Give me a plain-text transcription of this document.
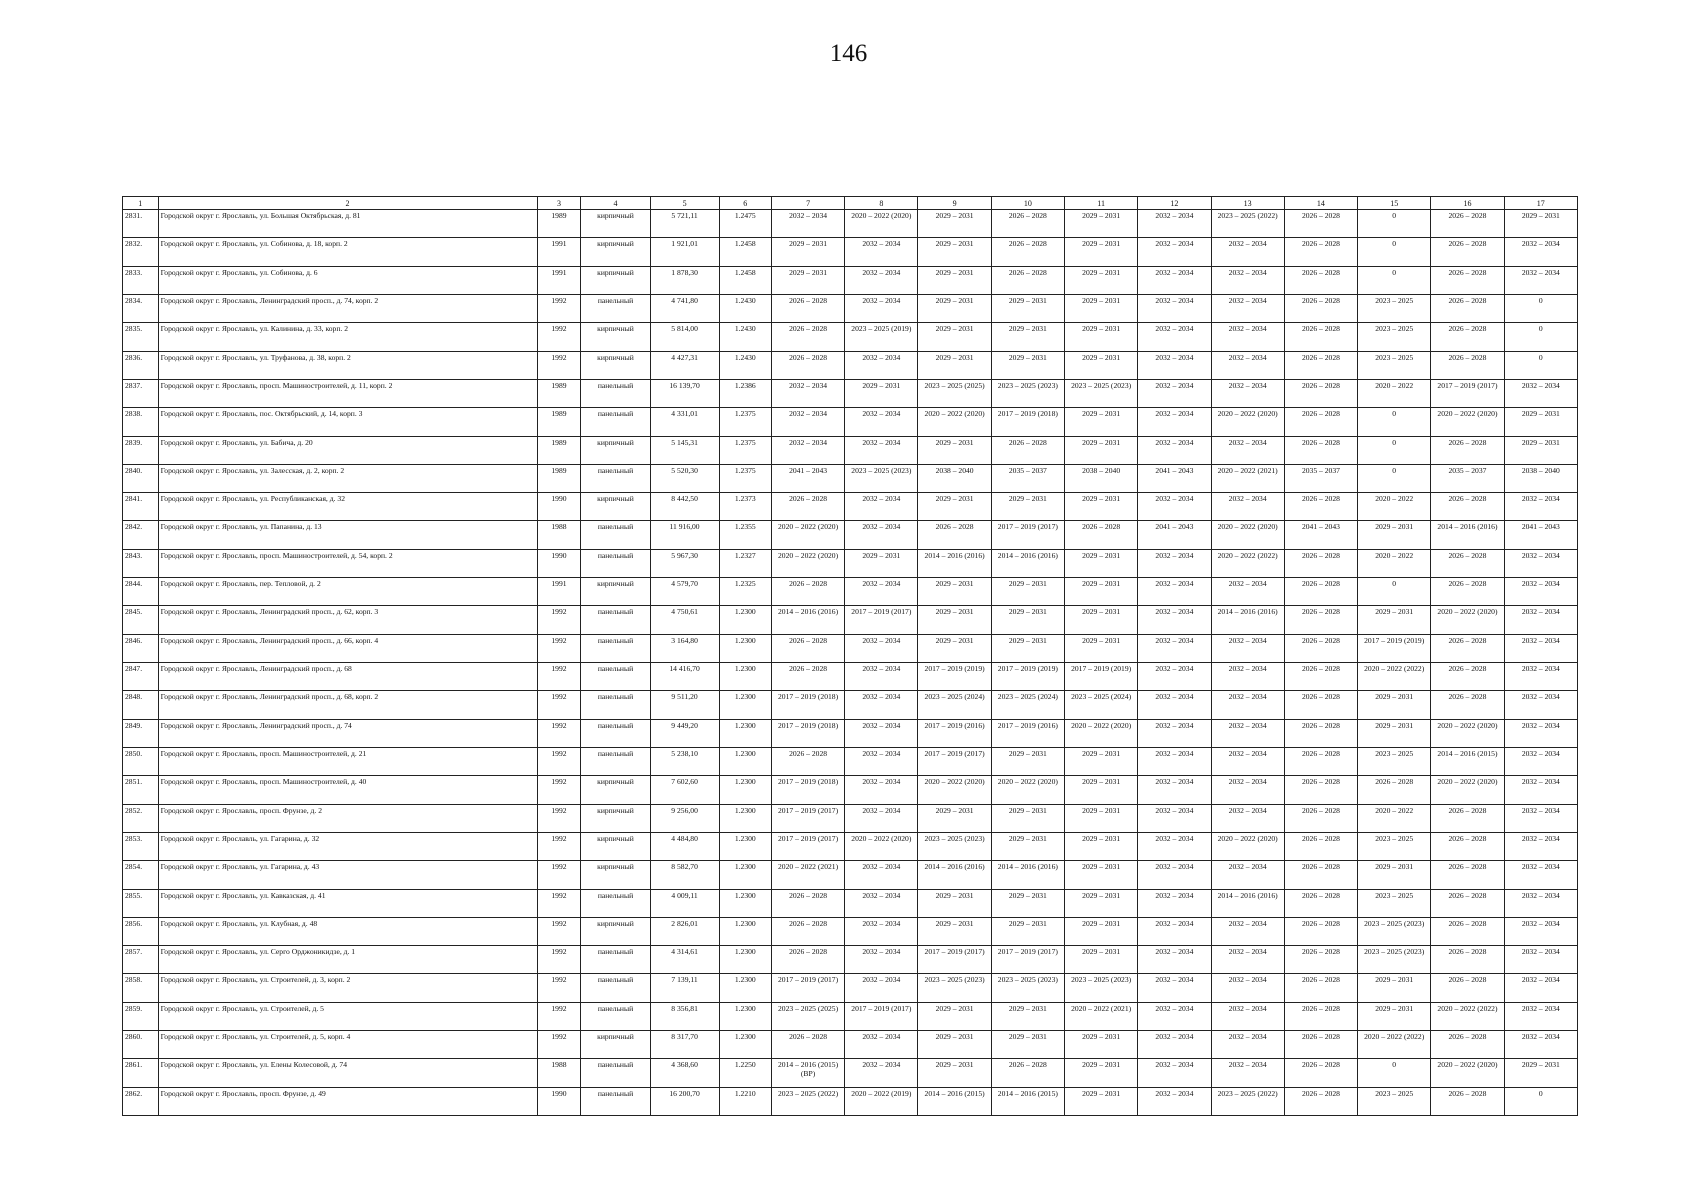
146
1	2	3	4	5	6	7	8	9	10	11	12	13	14	15	16	17
2831.	Городской округ г. Ярославль, ул. Большая Октябрьская, д. 81	1989	кирпичный	5 721,11	1.2475	2032 – 2034	2020 – 2022 (2020)	2029 – 2031	2026 – 2028	2029 – 2031	2032 – 2034	2023 – 2025 (2022)	2026 – 2028	0	2026 – 2028	2029 – 2031
2832.	Городской округ г. Ярославль, ул. Собинова, д. 18, корп. 2	1991	кирпичный	1 921,01	1.2458	2029 – 2031	2032 – 2034	2029 – 2031	2026 – 2028	2029 – 2031	2032 – 2034	2032 – 2034	2026 – 2028	0	2026 – 2028	2032 – 2034
2833.	Городской округ г. Ярославль, ул. Собинова, д. 6	1991	кирпичный	1 878,30	1.2458	2029 – 2031	2032 – 2034	2029 – 2031	2026 – 2028	2029 – 2031	2032 – 2034	2032 – 2034	2026 – 2028	0	2026 – 2028	2032 – 2034
2834.	Городской округ г. Ярославль, Ленинградский просп., д. 74, корп. 2	1992	панельный	4 741,80	1.2430	2026 – 2028	2032 – 2034	2029 – 2031	2029 – 2031	2029 – 2031	2032 – 2034	2032 – 2034	2026 – 2028	2023 – 2025	2026 – 2028	0
2835.	Городской округ г. Ярославль, ул. Калинина, д. 33, корп. 2	1992	кирпичный	5 814,00	1.2430	2026 – 2028	2023 – 2025 (2019)	2029 – 2031	2029 – 2031	2029 – 2031	2032 – 2034	2032 – 2034	2026 – 2028	2023 – 2025	2026 – 2028	0
2836.	Городской округ г. Ярославль, ул. Труфанова, д. 38, корп. 2	1992	кирпичный	4 427,31	1.2430	2026 – 2028	2032 – 2034	2029 – 2031	2029 – 2031	2029 – 2031	2032 – 2034	2032 – 2034	2026 – 2028	2023 – 2025	2026 – 2028	0
2837.	Городской округ г. Ярославль, просп. Машиностроителей, д. 11, корп. 2	1989	панельный	16 139,70	1.2386	2032 – 2034	2029 – 2031	2023 – 2025 (2025)	2023 – 2025 (2023)	2023 – 2025 (2023)	2032 – 2034	2032 – 2034	2026 – 2028	2020 – 2022	2017 – 2019 (2017)	2032 – 2034
2838.	Городской округ г. Ярославль, пос. Октябрьский, д. 14, корп. 3	1989	панельный	4 331,01	1.2375	2032 – 2034	2032 – 2034	2020 – 2022 (2020)	2017 – 2019 (2018)	2029 – 2031	2032 – 2034	2020 – 2022 (2020)	2026 – 2028	0	2020 – 2022 (2020)	2029 – 2031
2839.	Городской округ г. Ярославль, ул. Бабича, д. 20	1989	кирпичный	5 145,31	1.2375	2032 – 2034	2032 – 2034	2029 – 2031	2026 – 2028	2029 – 2031	2032 – 2034	2032 – 2034	2026 – 2028	0	2026 – 2028	2029 – 2031
2840.	Городской округ г. Ярославль, ул. Залесская, д. 2, корп. 2	1989	панельный	5 520,30	1.2375	2041 – 2043	2023 – 2025 (2023)	2038 – 2040	2035 – 2037	2038 – 2040	2041 – 2043	2020 – 2022 (2021)	2035 – 2037	0	2035 – 2037	2038 – 2040
2841.	Городской округ г. Ярославль, ул. Республиканская, д. 32	1990	кирпичный	8 442,50	1.2373	2026 – 2028	2032 – 2034	2029 – 2031	2029 – 2031	2029 – 2031	2032 – 2034	2032 – 2034	2026 – 2028	2020 – 2022	2026 – 2028	2032 – 2034
2842.	Городской округ г. Ярославль, ул. Папанина, д. 13	1988	панельный	11 916,00	1.2355	2020 – 2022 (2020)	2032 – 2034	2026 – 2028	2017 – 2019 (2017)	2026 – 2028	2041 – 2043	2020 – 2022 (2020)	2041 – 2043	2029 – 2031	2014 – 2016 (2016)	2041 – 2043
2843.	Городской округ г. Ярославль, просп. Машиностроителей, д. 54, корп. 2	1990	панельный	5 967,30	1.2327	2020 – 2022 (2020)	2029 – 2031	2014 – 2016 (2016)	2014 – 2016 (2016)	2029 – 2031	2032 – 2034	2020 – 2022 (2022)	2026 – 2028	2020 – 2022	2026 – 2028	2032 – 2034
2844.	Городской округ г. Ярославль, пер. Тепловой, д. 2	1991	кирпичный	4 579,70	1.2325	2026 – 2028	2032 – 2034	2029 – 2031	2029 – 2031	2029 – 2031	2032 – 2034	2032 – 2034	2026 – 2028	0	2026 – 2028	2032 – 2034
2845.	Городской округ г. Ярославль, Ленинградский просп., д. 62, корп. 3	1992	панельный	4 750,61	1.2300	2014 – 2016 (2016)	2017 – 2019 (2017)	2029 – 2031	2029 – 2031	2029 – 2031	2032 – 2034	2014 – 2016 (2016)	2026 – 2028	2029 – 2031	2020 – 2022 (2020)	2032 – 2034
2846.	Городской округ г. Ярославль, Ленинградский просп., д. 66, корп. 4	1992	панельный	3 164,80	1.2300	2026 – 2028	2032 – 2034	2029 – 2031	2029 – 2031	2029 – 2031	2032 – 2034	2032 – 2034	2026 – 2028	2017 – 2019 (2019)	2026 – 2028	2032 – 2034
2847.	Городской округ г. Ярославль, Ленинградский просп., д. 68	1992	панельный	14 416,70	1.2300	2026 – 2028	2032 – 2034	2017 – 2019 (2019)	2017 – 2019 (2019)	2017 – 2019 (2019)	2032 – 2034	2032 – 2034	2026 – 2028	2020 – 2022 (2022)	2026 – 2028	2032 – 2034
2848.	Городской округ г. Ярославль, Ленинградский просп., д. 68, корп. 2	1992	панельный	9 511,20	1.2300	2017 – 2019 (2018)	2032 – 2034	2023 – 2025 (2024)	2023 – 2025 (2024)	2023 – 2025 (2024)	2032 – 2034	2032 – 2034	2026 – 2028	2029 – 2031	2026 – 2028	2032 – 2034
2849.	Городской округ г. Ярославль, Ленинградский просп., д. 74	1992	панельный	9 449,20	1.2300	2017 – 2019 (2018)	2032 – 2034	2017 – 2019 (2016)	2017 – 2019 (2016)	2020 – 2022 (2020)	2032 – 2034	2032 – 2034	2026 – 2028	2029 – 2031	2020 – 2022 (2020)	2032 – 2034
2850.	Городской округ г. Ярославль, просп. Машиностроителей, д. 21	1992	панельный	5 238,10	1.2300	2026 – 2028	2032 – 2034	2017 – 2019 (2017)	2029 – 2031	2029 – 2031	2032 – 2034	2032 – 2034	2026 – 2028	2023 – 2025	2014 – 2016 (2015)	2032 – 2034
2851.	Городской округ г. Ярославль, просп. Машиностроителей, д. 40	1992	кирпичный	7 602,60	1.2300	2017 – 2019 (2018)	2032 – 2034	2020 – 2022 (2020)	2020 – 2022 (2020)	2029 – 2031	2032 – 2034	2032 – 2034	2026 – 2028	2026 – 2028	2020 – 2022 (2020)	2032 – 2034
2852.	Городской округ г. Ярославль, просп. Фрунзе, д. 2	1992	кирпичный	9 256,00	1.2300	2017 – 2019 (2017)	2032 – 2034	2029 – 2031	2029 – 2031	2029 – 2031	2032 – 2034	2032 – 2034	2026 – 2028	2020 – 2022	2026 – 2028	2032 – 2034
2853.	Городской округ г. Ярославль, ул. Гагарина, д. 32	1992	кирпичный	4 484,80	1.2300	2017 – 2019 (2017)	2020 – 2022 (2020)	2023 – 2025 (2023)	2029 – 2031	2029 – 2031	2032 – 2034	2020 – 2022 (2020)	2026 – 2028	2023 – 2025	2026 – 2028	2032 – 2034
2854.	Городской округ г. Ярославль, ул. Гагарина, д. 43	1992	кирпичный	8 582,70	1.2300	2020 – 2022 (2021)	2032 – 2034	2014 – 2016 (2016)	2014 – 2016 (2016)	2029 – 2031	2032 – 2034	2032 – 2034	2026 – 2028	2029 – 2031	2026 – 2028	2032 – 2034
2855.	Городской округ г. Ярославль, ул. Кавказская, д. 41	1992	панельный	4 009,11	1.2300	2026 – 2028	2032 – 2034	2029 – 2031	2029 – 2031	2029 – 2031	2032 – 2034	2014 – 2016 (2016)	2026 – 2028	2023 – 2025	2026 – 2028	2032 – 2034
2856.	Городской округ г. Ярославль, ул. Клубная, д. 48	1992	кирпичный	2 826,01	1.2300	2026 – 2028	2032 – 2034	2029 – 2031	2029 – 2031	2029 – 2031	2032 – 2034	2032 – 2034	2026 – 2028	2023 – 2025 (2023)	2026 – 2028	2032 – 2034
2857.	Городской округ г. Ярославль, ул. Серго Орджоникидзе, д. 1	1992	панельный	4 314,61	1.2300	2026 – 2028	2032 – 2034	2017 – 2019 (2017)	2017 – 2019 (2017)	2029 – 2031	2032 – 2034	2032 – 2034	2026 – 2028	2023 – 2025 (2023)	2026 – 2028	2032 – 2034
2858.	Городской округ г. Ярославль, ул. Строителей, д. 3, корп. 2	1992	панельный	7 139,11	1.2300	2017 – 2019 (2017)	2032 – 2034	2023 – 2025 (2023)	2023 – 2025 (2023)	2023 – 2025 (2023)	2032 – 2034	2032 – 2034	2026 – 2028	2029 – 2031	2026 – 2028	2032 – 2034
2859.	Городской округ г. Ярославль, ул. Строителей, д. 5	1992	панельный	8 356,81	1.2300	2023 – 2025 (2025)	2017 – 2019 (2017)	2029 – 2031	2029 – 2031	2020 – 2022 (2021)	2032 – 2034	2032 – 2034	2026 – 2028	2029 – 2031	2020 – 2022 (2022)	2032 – 2034
2860.	Городской округ г. Ярославль, ул. Строителей, д. 5, корп. 4	1992	кирпичный	8 317,70	1.2300	2026 – 2028	2032 – 2034	2029 – 2031	2029 – 2031	2029 – 2031	2032 – 2034	2032 – 2034	2026 – 2028	2020 – 2022 (2022)	2026 – 2028	2032 – 2034
2861.	Городской округ г. Ярославль, ул. Елены Колесовой, д. 74	1988	панельный	4 368,60	1.2250	2014 – 2016 (2015) (ВР)	2032 – 2034	2029 – 2031	2026 – 2028	2029 – 2031	2032 – 2034	2032 – 2034	2026 – 2028	0	2020 – 2022 (2020)	2029 – 2031
2862.	Городской округ г. Ярославль, просп. Фрунзе, д. 49	1990	панельный	16 200,70	1.2210	2023 – 2025 (2022)	2020 – 2022 (2019)	2014 – 2016 (2015)	2014 – 2016 (2015)	2029 – 2031	2032 – 2034	2023 – 2025 (2022)	2026 – 2028	2023 – 2025	2026 – 2028	0
